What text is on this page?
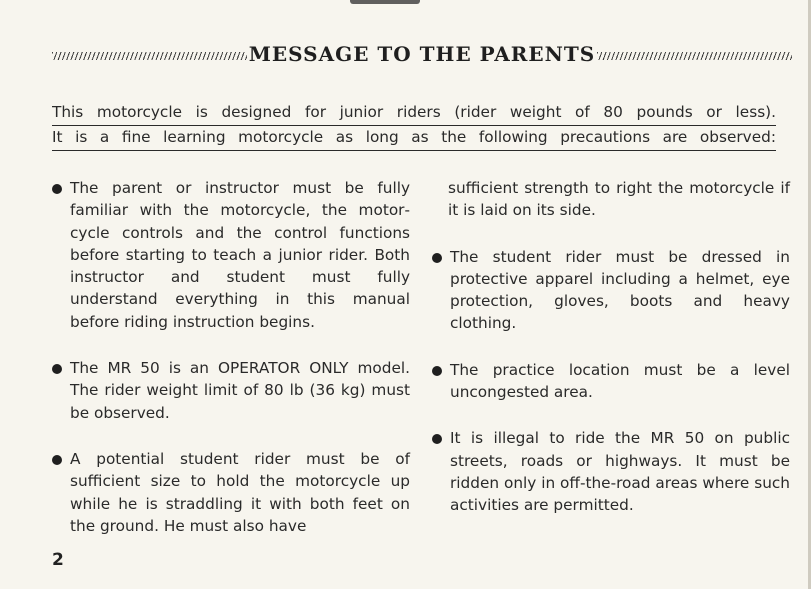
MESSAGE TO THE PARENTS
This motorcycle is designed for junior riders (rider weight of 80 pounds or less).
It is a fine learning motorcycle as long as the following precautions are observed:
The parent or instructor must be fully familiar with the motorcycle, the motorcycle controls and the control functions before starting to teach a junior rider. Both instructor and student must fully understand everything in this manual before riding instruction begins.
The MR 50 is an OPERATOR ONLY model. The rider weight limit of 80 lb (36 kg) must be observed.
A potential student rider must be of sufficient size to hold the motorcycle up while he is straddling it with both feet on the ground. He must also have
sufficient strength to right the motorcycle if it is laid on its side.
The student rider must be dressed in protective apparel including a helmet, eye protection, gloves, boots and heavy clothing.
The practice location must be a level uncongested area.
It is illegal to ride the MR 50 on public streets, roads or highways. It must be ridden only in off-the-road areas where such activities are permitted.
2
